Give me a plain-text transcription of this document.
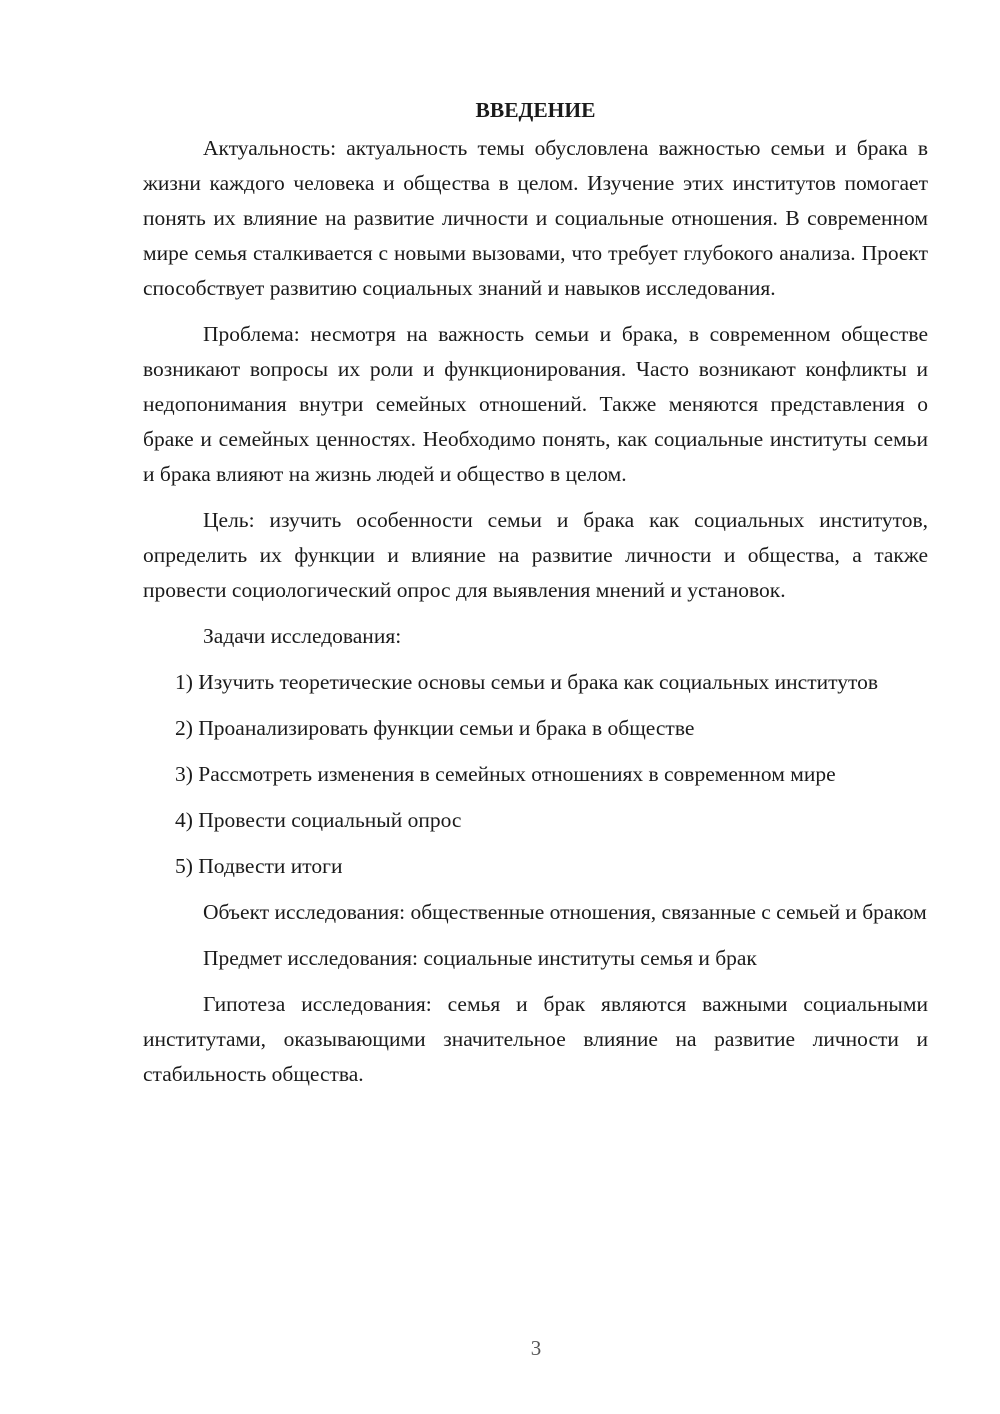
ВВЕДЕНИЕ

Актуальность: актуальность темы обусловлена важностью семьи и брака в жизни каждого человека и общества в целом. Изучение этих институтов помогает понять их влияние на развитие личности и социальные отношения. В современном мире семья сталкивается с новыми вызовами, что требует глубокого анализа. Проект способствует развитию социальных знаний и навыков исследования.

Проблема: несмотря на важность семьи и брака, в современном обществе возникают вопросы их роли и функционирования. Часто возникают конфликты и недопонимания внутри семейных отношений. Также меняются представления о браке и семейных ценностях. Необходимо понять, как социальные институты семьи и брака влияют на жизнь людей и общество в целом.

Цель: изучить особенности семьи и брака как социальных институтов, определить их функции и влияние на развитие личности и общества, а также провести социологический опрос для выявления мнений и установок.

Задачи исследования:

1) Изучить теоретические основы семьи и брака как социальных институтов

2) Проанализировать функции семьи и брака в обществе

3) Рассмотреть изменения в семейных отношениях в современном мире

4) Провести социальный опрос

5) Подвести итоги

Объект исследования: общественные отношения, связанные с семьей и браком

Предмет исследования: социальные институты семья и брак

Гипотеза исследования: семья и брак являются важными социальными институтами, оказывающими значительное влияние на развитие личности и стабильность общества.

3
